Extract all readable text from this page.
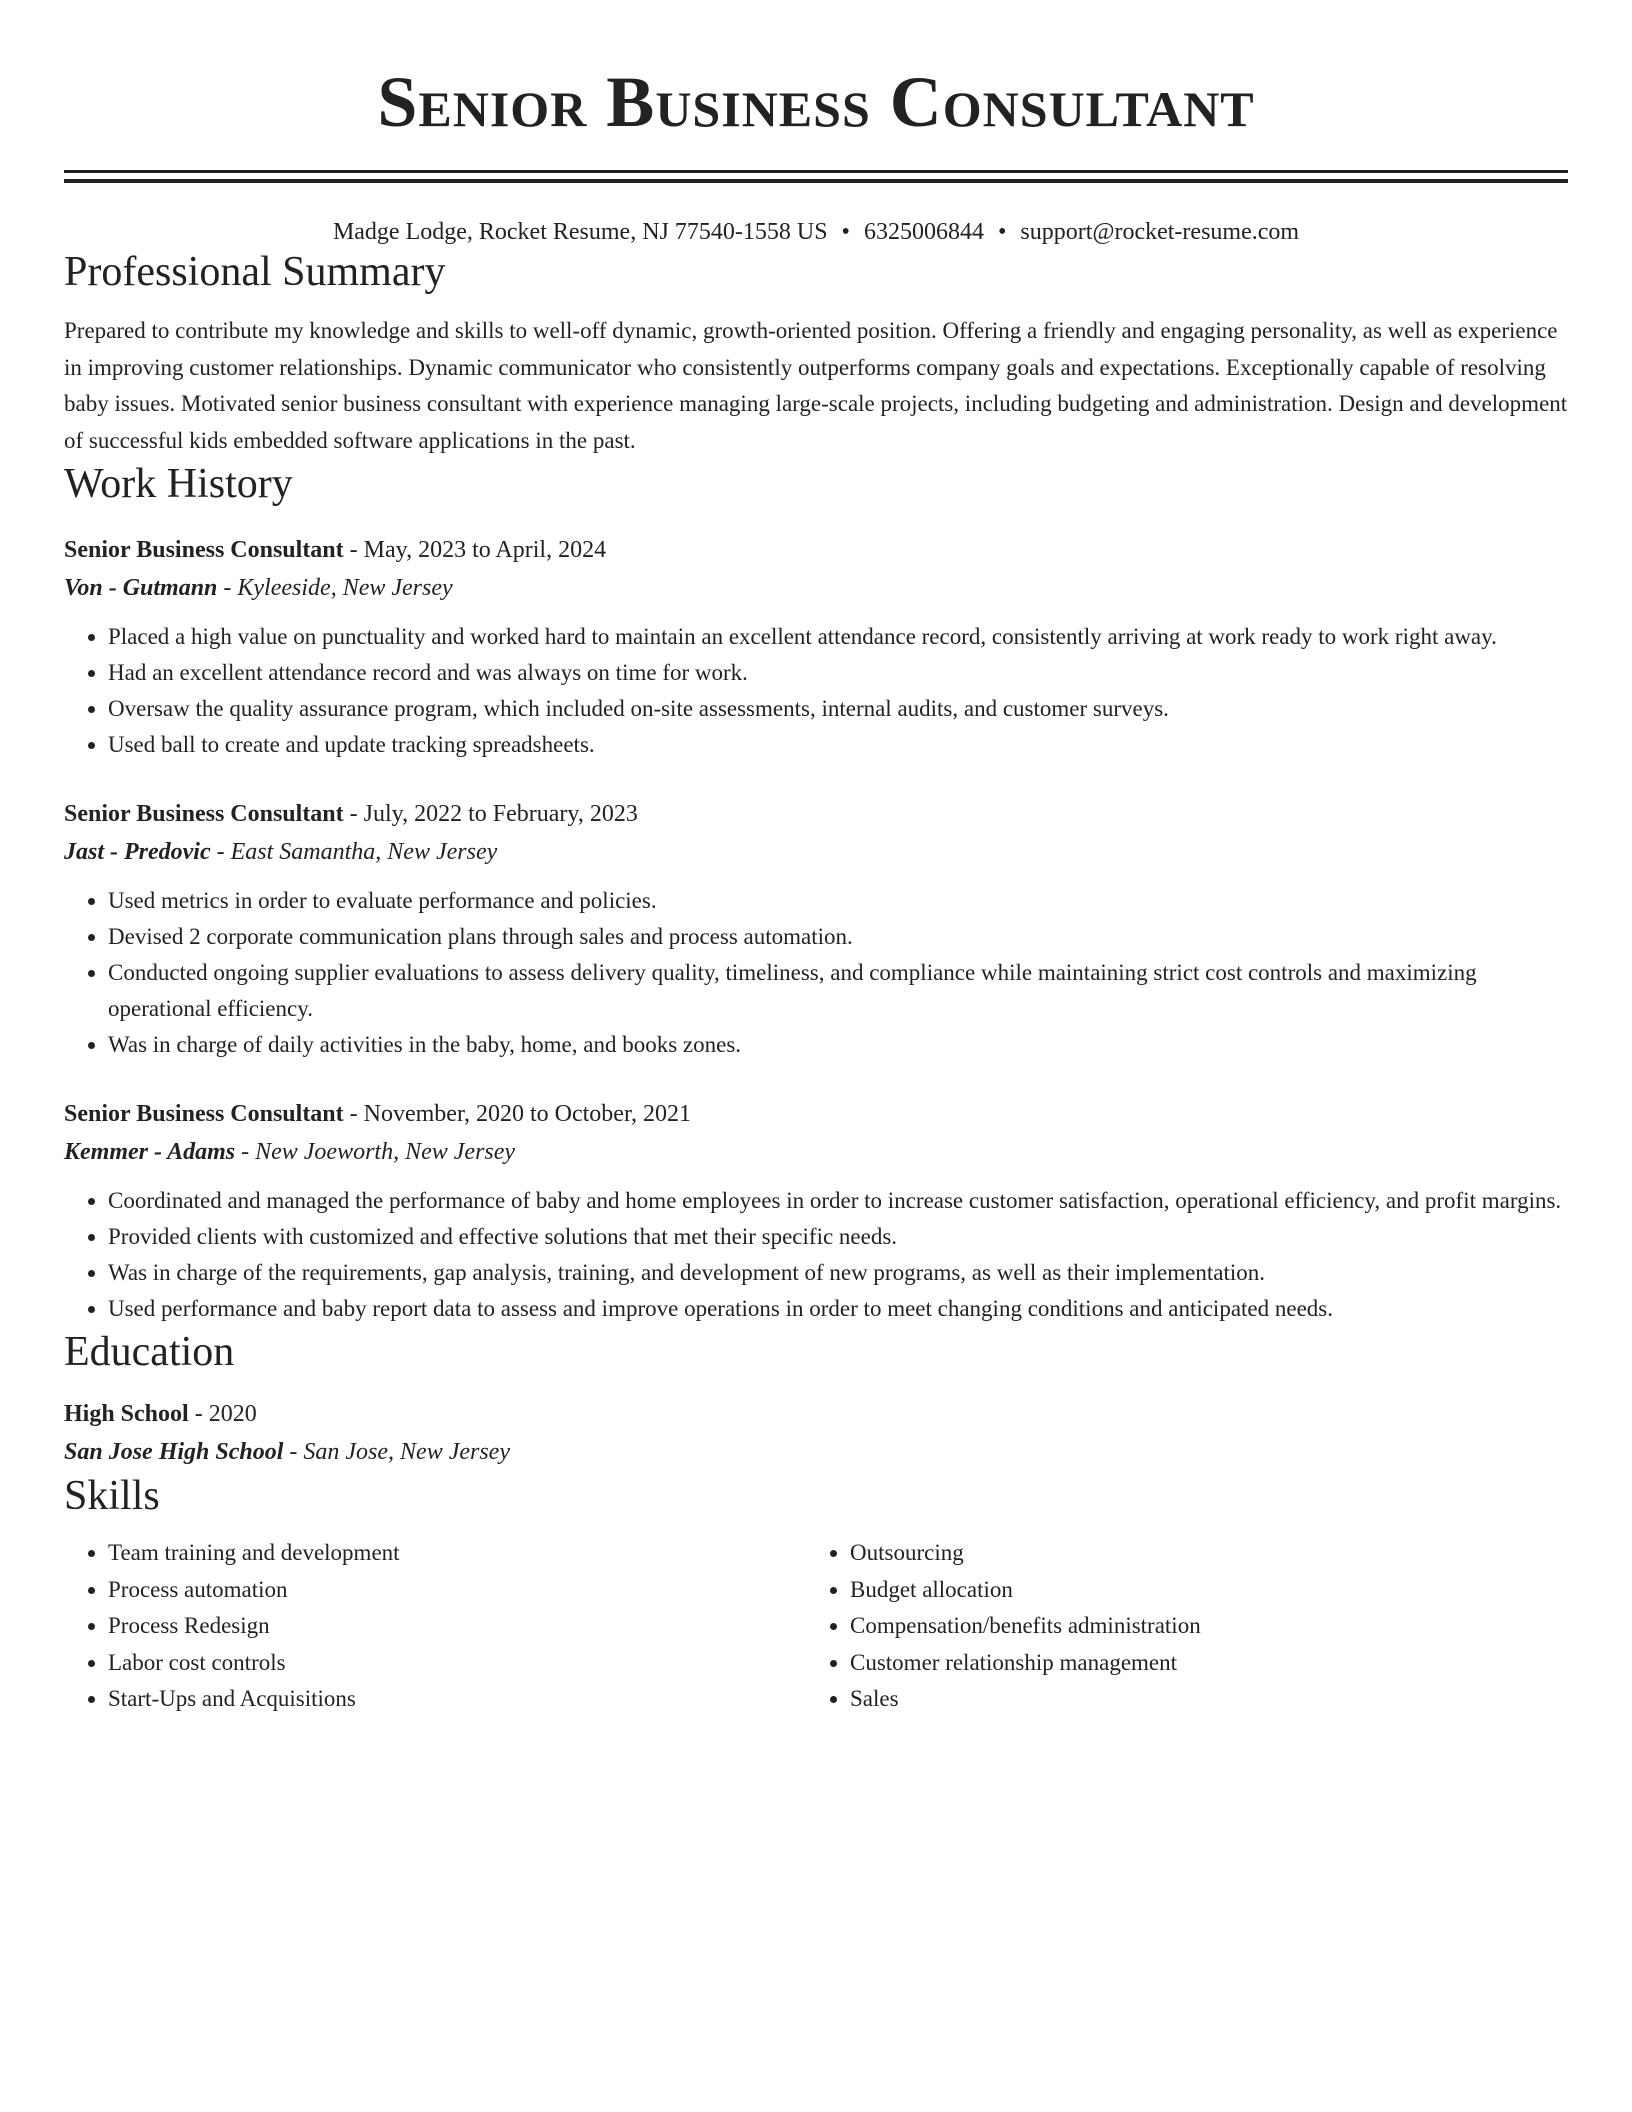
Senior Business Consultant
Madge Lodge, Rocket Resume, NJ 77540-1558 US • 6325006844 • support@rocket-resume.com
Professional Summary
Prepared to contribute my knowledge and skills to well-off dynamic, growth-oriented position. Offering a friendly and engaging personality, as well as experience in improving customer relationships. Dynamic communicator who consistently outperforms company goals and expectations. Exceptionally capable of resolving baby issues. Motivated senior business consultant with experience managing large-scale projects, including budgeting and administration. Design and development of successful kids embedded software applications in the past.
Work History
Senior Business Consultant - May, 2023 to April, 2024
Von - Gutmann - Kyleeside, New Jersey
• Placed a high value on punctuality and worked hard to maintain an excellent attendance record, consistently arriving at work ready to work right away.
• Had an excellent attendance record and was always on time for work.
• Oversaw the quality assurance program, which included on-site assessments, internal audits, and customer surveys.
• Used ball to create and update tracking spreadsheets.
Senior Business Consultant - July, 2022 to February, 2023
Jast - Predovic - East Samantha, New Jersey
• Used metrics in order to evaluate performance and policies.
• Devised 2 corporate communication plans through sales and process automation.
• Conducted ongoing supplier evaluations to assess delivery quality, timeliness, and compliance while maintaining strict cost controls and maximizing operational efficiency.
• Was in charge of daily activities in the baby, home, and books zones.
Senior Business Consultant - November, 2020 to October, 2021
Kemmer - Adams - New Joeworth, New Jersey
• Coordinated and managed the performance of baby and home employees in order to increase customer satisfaction, operational efficiency, and profit margins.
• Provided clients with customized and effective solutions that met their specific needs.
• Was in charge of the requirements, gap analysis, training, and development of new programs, as well as their implementation.
• Used performance and baby report data to assess and improve operations in order to meet changing conditions and anticipated needs.
Education
High School - 2020
San Jose High School - San Jose, New Jersey
Skills
• Team training and development
• Process automation
• Process Redesign
• Labor cost controls
• Start-Ups and Acquisitions
• Outsourcing
• Budget allocation
• Compensation/benefits administration
• Customer relationship management
• Sales
